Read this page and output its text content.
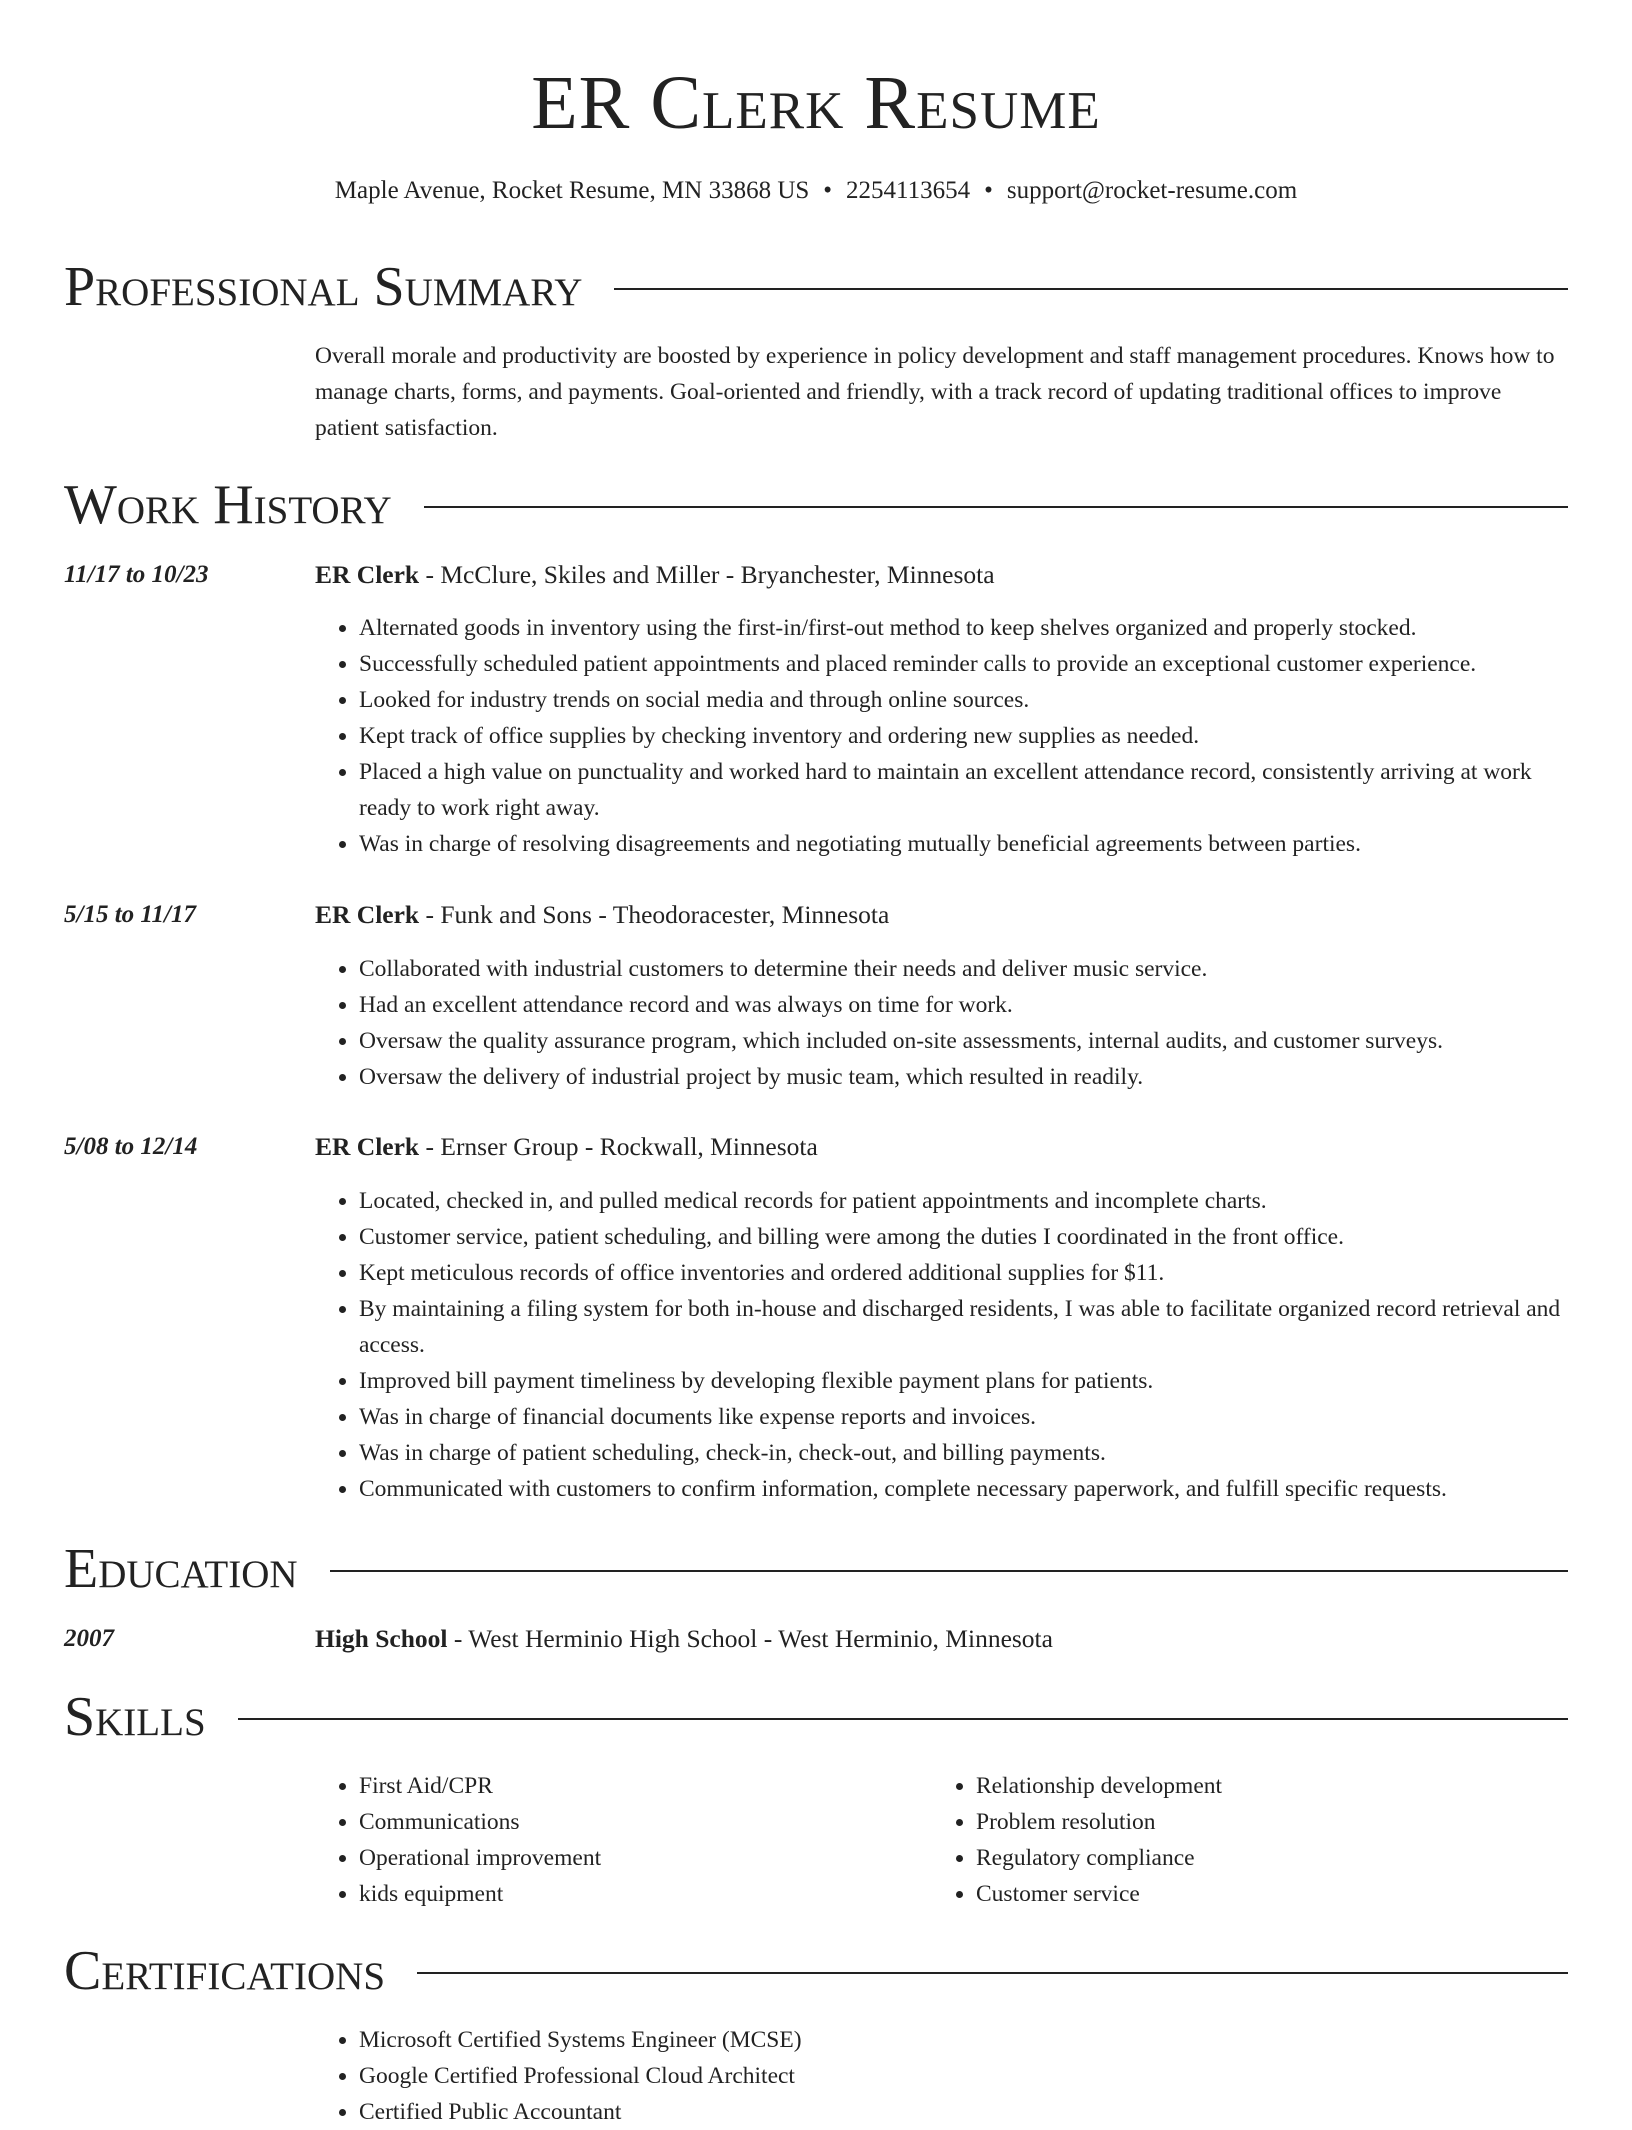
ER Clerk Resume
Maple Avenue, Rocket Resume, MN 33868 US • 2254113654 • support@rocket-resume.com
Professional Summary

Overall morale and productivity are boosted by experience in policy development and staff management procedures. Knows how to manage charts, forms, and payments. Goal-oriented and friendly, with a track record of updating traditional offices to improve patient satisfaction.

Work History
11/17 to 10/23	ER Clerk - McClure, Skiles and Miller - Bryanchester, Minnesota
• Alternated goods in inventory using the first-in/first-out method to keep shelves organized and properly stocked.
• Successfully scheduled patient appointments and placed reminder calls to provide an exceptional customer experience.
• Looked for industry trends on social media and through online sources.
• Kept track of office supplies by checking inventory and ordering new supplies as needed.
• Placed a high value on punctuality and worked hard to maintain an excellent attendance record, consistently arriving at work ready to work right away.
• Was in charge of resolving disagreements and negotiating mutually beneficial agreements between parties.
5/15 to 11/17	ER Clerk - Funk and Sons - Theodoracester, Minnesota
• Collaborated with industrial customers to determine their needs and deliver music service.
• Had an excellent attendance record and was always on time for work.
• Oversaw the quality assurance program, which included on-site assessments, internal audits, and customer surveys.
• Oversaw the delivery of industrial project by music team, which resulted in readily.
5/08 to 12/14	ER Clerk - Ernser Group - Rockwall, Minnesota
• Located, checked in, and pulled medical records for patient appointments and incomplete charts.
• Customer service, patient scheduling, and billing were among the duties I coordinated in the front office.
• Kept meticulous records of office inventories and ordered additional supplies for $11.
• By maintaining a filing system for both in-house and discharged residents, I was able to facilitate organized record retrieval and access.
• Improved bill payment timeliness by developing flexible payment plans for patients.
• Was in charge of financial documents like expense reports and invoices.
• Was in charge of patient scheduling, check-in, check-out, and billing payments.
• Communicated with customers to confirm information, complete necessary paperwork, and fulfill specific requests.
Education
2007	High School - West Herminio High School - West Herminio, Minnesota
Skills
• First Aid/CPR
• Communications
• Operational improvement
• kids equipment
• Relationship development
• Problem resolution
• Regulatory compliance
• Customer service
Certifications
• Microsoft Certified Systems Engineer (MCSE)
• Google Certified Professional Cloud Architect
• Certified Public Accountant
